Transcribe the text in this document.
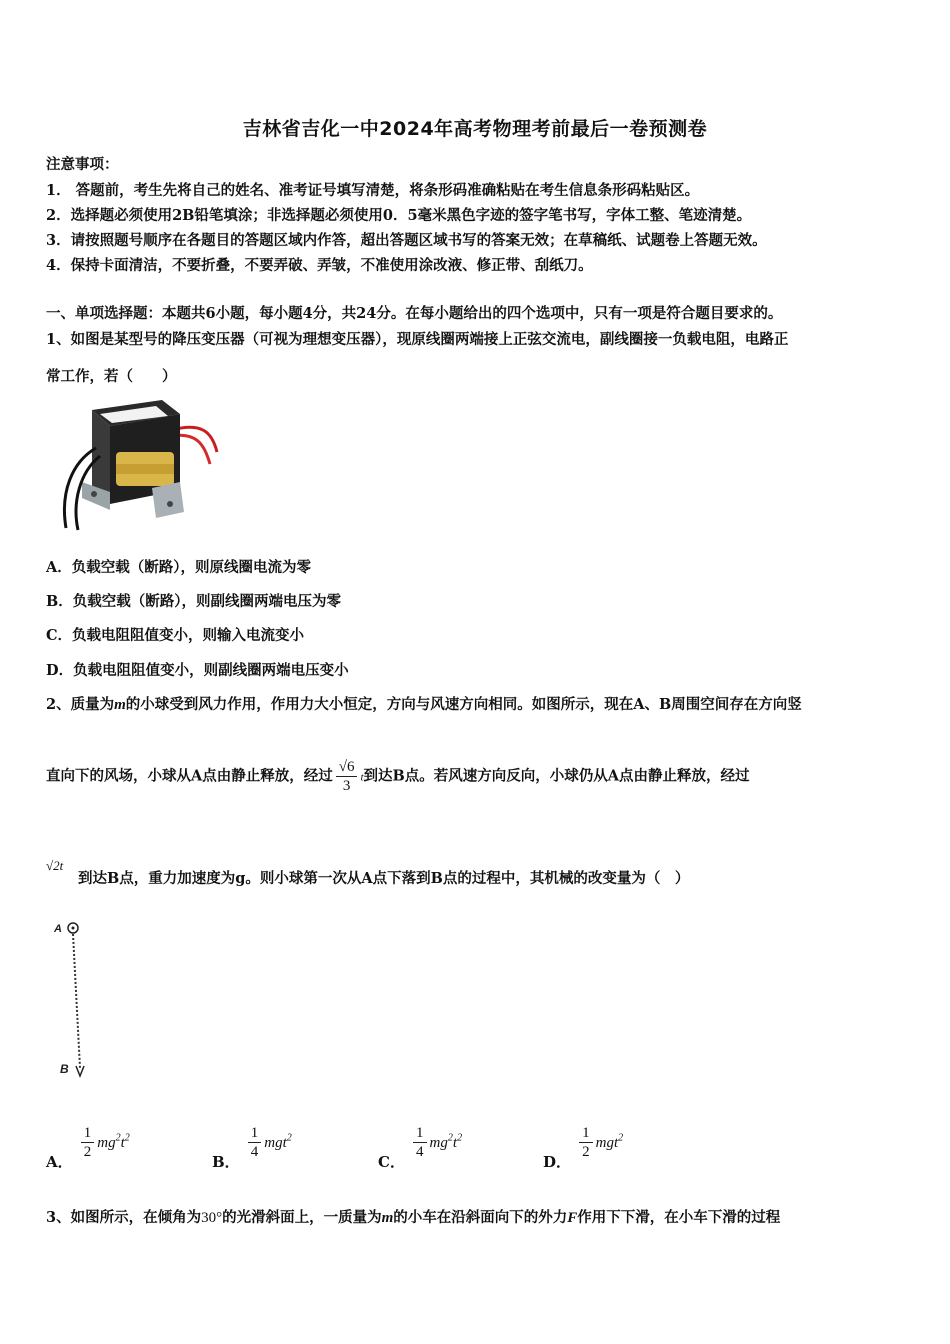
吉林省吉化一中2024年高考物理考前最后一卷预测卷
注意事项：
1． 答题前，考生先将自己的姓名、准考证号填写清楚，将条形码准确粘贴在考生信息条形码粘贴区。
2．选择题必须使用2B铅笔填涂；非选择题必须使用0．5毫米黑色字迹的签字笔书写，字体工整、笔迹清楚。
3．请按照题号顺序在各题目的答题区域内作答，超出答题区域书写的答案无效；在草稿纸、试题卷上答题无效。
4．保持卡面清洁，不要折叠，不要弄破、弄皱，不准使用涂改液、修正带、刮纸刀。
一、单项选择题：本题共6小题，每小题4分，共24分。在每小题给出的四个选项中，只有一项是符合题目要求的。
1、如图是某型号的降压变压器（可视为理想变压器），现原线圈两端接上正弦交流电，副线圈接一负载电阻，电路正
常工作，若（　　）
A．负载空载（断路），则原线圈电流为零
B．负载空载（断路），则副线圈两端电压为零
C．负载电阻阻值变小，则输入电流变小
D．负载电阻阻值变小，则副线圈两端电压变小
2、质量为m的小球受到风力作用，作用力大小恒定，方向与风速方向相同。如图所示，现在A、B周围空间存在方向竖
直向下的风场，小球从A点由静止释放，经过 $\frac{√6}{3}$ t到达B点。若风速方向反向，小球仍从A点由静止释放，经过
√2t
到达B点，重力加速度为g。则小球第一次从A点下落到B点的过程中，其机械的改变量为（　）
A
B
A．
$\frac{1}{2} mg^2t^2$
B．
$\frac{1}{4} mgt^2$
C．
$\frac{1}{4} mg^2t^2$
D．
$\frac{1}{2} mgt^2$
3、如图所示，在倾角为30°的光滑斜面上，一质量为m的小车在沿斜面向下的外力F作用下下滑，在小车下滑的过程
